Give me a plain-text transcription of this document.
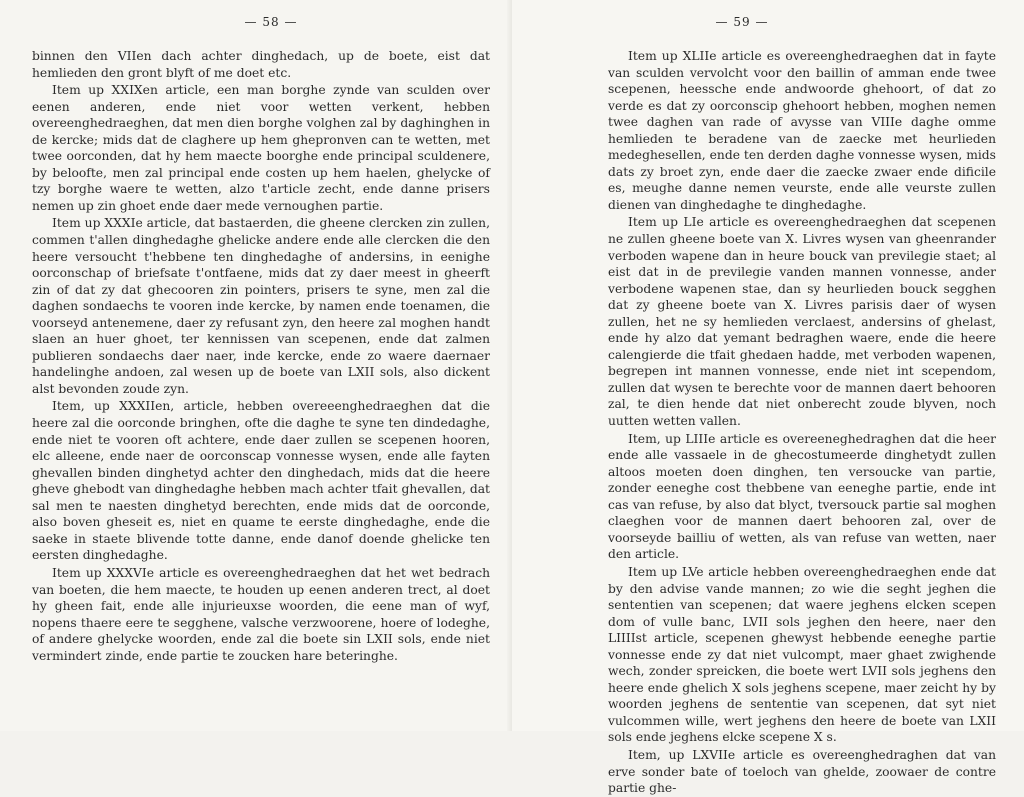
— 58 —

binnen den VIIen dach achter dinghedach, up de boete, eist dat hemlieden den gront blyft of me doet etc.

Item up XXIXen article, een man borghe zynde van sculden over eenen anderen, ende niet voor wetten verkent, hebben overeenghedraeghen, dat men dien borghe volghen zal by daghinghen in de kercke; mids dat de claghere up hem ghepronven can te wetten, met twee oorconden, dat hy hem maecte boorghe ende principal sculdenere, by beloofte, men zal principal ende costen up hem haelen, ghelycke of tzy borghe waere te wetten, alzo t'article zecht, ende danne prisers nemen up zin ghoet ende daer mede vernoughen partie.

Item up XXXIe article, dat bastaerden, die gheene clercken zin zullen, commen t'allen dinghedaghe ghelicke andere ende alle clercken die den heere versoucht t'hebbene ten dinghedaghe of andersins, in eenighe oorconschap of briefsate t'ontfaene, mids dat zy daer meest in gheerft zin of dat zy dat ghecooren zin pointers, prisers te syne, men zal die daghen sondaechs te vooren inde kercke, by namen ende toenamen, die voorseyd antenemene, daer zy refusant zyn, den heere zal moghen handt slaen an huer ghoet, ter kennissen van scepenen, ende dat zalmen publieren sondaechs daer naer, inde kercke, ende zo waere daernaer handelinghe andoen, zal wesen up de boete van LXII sols, also dickent alst bevonden zoude zyn.

Item, up XXXIIen, article, hebben overeeenghedraeghen dat die heere zal die oorconde bringhen, ofte die daghe te syne ten dindedaghe, ende niet te vooren oft achtere, ende daer zullen se scepenen hooren, elc alleene, ende naer de oorconscap vonnesse wysen, ende alle fayten ghevallen binden dinghetyd achter den dinghedach, mids dat die heere gheve ghebodt van dinghedaghe hebben mach achter tfait ghevallen, dat sal men te naesten dinghetyd berechten, ende mids dat de oorconde, also boven gheseit es, niet en quame te eerste dinghedaghe, ende die saeke in staete blivende totte danne, ende danof doende ghelicke ten eersten dinghedaghe.

Item up XXXVIe article es overeenghedraeghen dat het wet bedrach van boeten, die hem maecte, te houden up eenen anderen trect, al doet hy gheen fait, ende alle injurieuxse woorden, die eene man of wyf, nopens thaere eere te segghene, valsche verzwoorene, hoere of lodeghe, of andere ghelycke woorden, ende zal die boete sin LXII sols, ende niet vermindert zinde, ende partie te zoucken hare beteringhe.

— 59 —

Item up XLIIe article es overeenghedraeghen dat in fayte van sculden vervolcht voor den baillin of amman ende twee scepenen, heessche ende andwoorde ghehoort, of dat zo verde es dat zy oorconscip ghehoort hebben, moghen nemen twee daghen van rade of avysse van VIIIe daghe omme hemlieden te beradene van de zaecke met heurlieden medeghesellen, ende ten derden daghe vonnesse wysen, mids dats zy broet zyn, ende daer die zaecke zwaer ende dificile es, meughe danne nemen veurste, ende alle veurste zullen dienen van dinghedaghe te dinghedaghe.

Item up LIe article es overeenghedraeghen dat scepenen ne zullen gheene boete van X. Livres wysen van gheenrander verboden wapene dan in heure bouck van previlegie staet; al eist dat in de previlegie vanden mannen vonnesse, ander verbodene wapenen stae, dan sy heurlieden bouck segghen dat zy gheene boete van X. Livres parisis daer of wysen zullen, het ne sy hemlieden verclaest, andersins of ghelast, ende hy alzo dat yemant bedraghen waere, ende die heere calengierde die tfait ghedaen hadde, met verboden wapenen, begrepen int mannen vonnesse, ende niet int scependom, zullen dat wysen te berechte voor de mannen daert behooren zal, te dien hende dat niet onberecht zoude blyven, noch uutten wetten vallen.

Item, up LIIIe article es overeeneghedraghen dat die heer ende alle vassaele in de ghecostumeerde dinghetydt zullen altoos moeten doen dinghen, ten versoucke van partie, zonder eeneghe cost thebbene van eeneghe partie, ende int cas van refuse, by also dat blyct, tversouck partie sal moghen claeghen voor de mannen daert behooren zal, over de voorseyde bailliu of wetten, als van refuse van wetten, naer den article.

Item up LVe article hebben overeenghedraeghen ende dat by den advise vande mannen; zo wie die seght jeghen die sententien van scepenen; dat waere jeghens elcken scepen dom of vulle banc, LVII sols jeghen den heere, naer den LIIIIst article, scepenen ghewyst hebbende eeneghe partie vonnesse ende zy dat niet vulcompt, maer ghaet zwighende wech, zonder spreicken, die boete wert LVII sols jeghens den heere ende ghelich X sols jeghens scepene, maer zeicht hy by woorden jeghens de sententie van scepenen, dat syt niet vulcommen wille, wert jeghens den heere de boete van LXII sols ende jeghens elcke scepene X s.

Item, up LXVIIe article es overeenghedraghen dat van erve sonder bate of toeloch van ghelde, zoowaer de contre partie ghe-
